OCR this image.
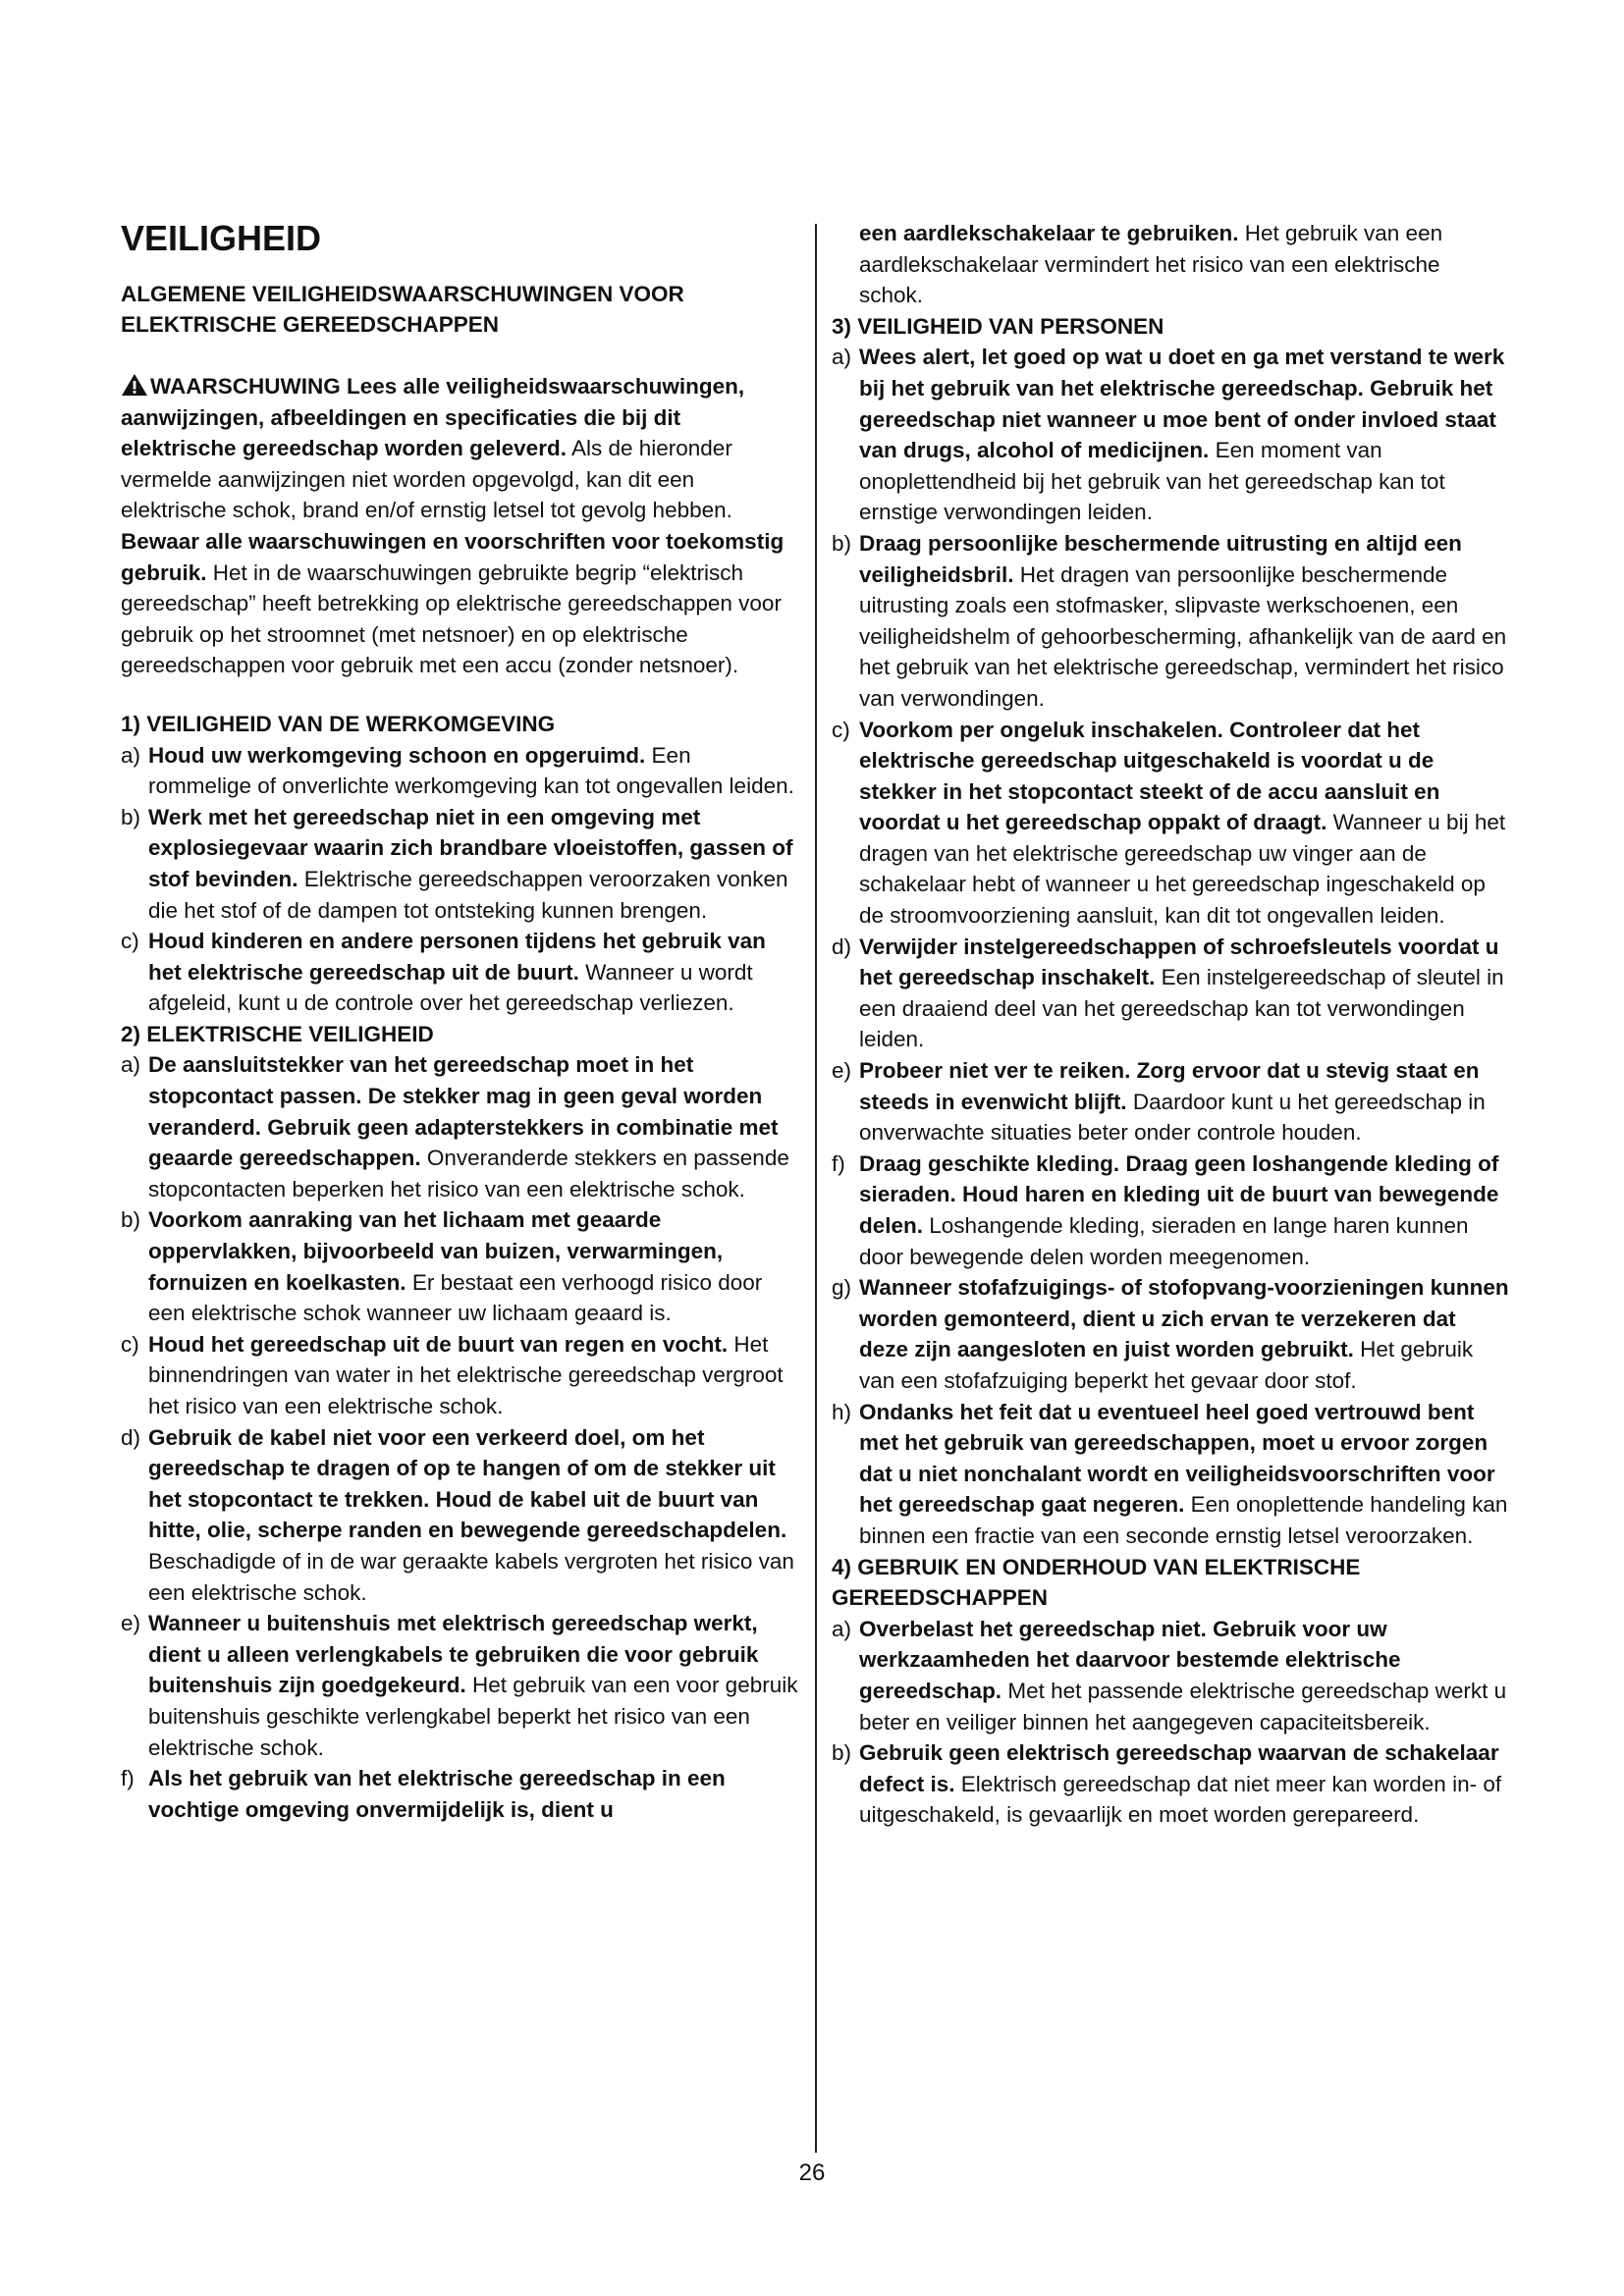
VEILIGHEID
ALGEMENE VEILIGHEIDSWAARSCHUWINGEN VOOR ELEKTRISCHE GEREEDSCHAPPEN
WAARSCHUWING Lees alle veiligheidswaarschuwingen, aanwijzingen, afbeeldingen en specificaties die bij dit elektrische gereedschap worden geleverd. Als de hieronder vermelde aanwijzingen niet worden opgevolgd, kan dit een elektrische schok, brand en/of ernstig letsel tot gevolg hebben. Bewaar alle waarschuwingen en voorschriften voor toekomstig gebruik. Het in de waarschuwingen gebruikte begrip “elektrisch gereedschap” heeft betrekking op elektrische gereedschappen voor gebruik op het stroomnet (met netsnoer) en op elektrische gereedschappen voor gebruik met een accu (zonder netsnoer).
1) VEILIGHEID VAN DE WERKOMGEVING
a) Houd uw werkomgeving schoon en opgeruimd. Een rommelige of onverlichte werkomgeving kan tot ongevallen leiden.
b) Werk met het gereedschap niet in een omgeving met explosiegevaar waarin zich brandbare vloeistoffen, gassen of stof bevinden. Elektrische gereedschappen veroorzaken vonken die het stof of de dampen tot ontsteking kunnen brengen.
c) Houd kinderen en andere personen tijdens het gebruik van het elektrische gereedschap uit de buurt. Wanneer u wordt afgeleid, kunt u de controle over het gereedschap verliezen.
2) ELEKTRISCHE VEILIGHEID
a) De aansluitstekker van het gereedschap moet in het stopcontact passen. De stekker mag in geen geval worden veranderd. Gebruik geen adapterstekkers in combinatie met geaarde gereedschappen. Onveranderde stekkers en passende stopcontacten beperken het risico van een elektrische schok.
b) Voorkom aanraking van het lichaam met geaarde oppervlakken, bijvoorbeeld van buizen, verwarmingen, fornuizen en koelkasten. Er bestaat een verhoogd risico door een elektrische schok wanneer uw lichaam geaard is.
c) Houd het gereedschap uit de buurt van regen en vocht. Het binnendringen van water in het elektrische gereedschap vergroot het risico van een elektrische schok.
d) Gebruik de kabel niet voor een verkeerd doel, om het gereedschap te dragen of op te hangen of om de stekker uit het stopcontact te trekken. Houd de kabel uit de buurt van hitte, olie, scherpe randen en bewegende gereedschapdelen. Beschadigde of in de war geraakte kabels vergroten het risico van een elektrische schok.
e) Wanneer u buitenshuis met elektrisch gereedschap werkt, dient u alleen verlengkabels te gebruiken die voor gebruik buitenshuis zijn goedgekeurd. Het gebruik van een voor gebruik buitenshuis geschikte verlengkabel beperkt het risico van een elektrische schok.
f) Als het gebruik van het elektrische gereedschap in een vochtige omgeving onvermijdelijk is, dient u
een aardlekschakelaar te gebruiken. Het gebruik van een aardlekschakelaar vermindert het risico van een elektrische schok.
3) VEILIGHEID VAN PERSONEN
a) Wees alert, let goed op wat u doet en ga met verstand te werk bij het gebruik van het elektrische gereedschap. Gebruik het gereedschap niet wanneer u moe bent of onder invloed staat van drugs, alcohol of medicijnen. Een moment van onoplettendheid bij het gebruik van het gereedschap kan tot ernstige verwondingen leiden.
b) Draag persoonlijke beschermende uitrusting en altijd een veiligheidsbril. Het dragen van persoonlijke beschermende uitrusting zoals een stofmasker, slipvaste werkschoenen, een veiligheidshelm of gehoorbescherming, afhankelijk van de aard en het gebruik van het elektrische gereedschap, vermindert het risico van verwondingen.
c) Voorkom per ongeluk inschakelen. Controleer dat het elektrische gereedschap uitgeschakeld is voordat u de stekker in het stopcontact steekt of de accu aansluit en voordat u het gereedschap oppakt of draagt. Wanneer u bij het dragen van het elektrische gereedschap uw vinger aan de schakelaar hebt of wanneer u het gereedschap ingeschakeld op de stroomvoorziening aansluit, kan dit tot ongevallen leiden.
d) Verwijder instelgereedschappen of schroefsleutels voordat u het gereedschap inschakelt. Een instelgereedschap of sleutel in een draaiend deel van het gereedschap kan tot verwondingen leiden.
e) Probeer niet ver te reiken. Zorg ervoor dat u stevig staat en steeds in evenwicht blijft. Daardoor kunt u het gereedschap in onverwachte situaties beter onder controle houden.
f) Draag geschikte kleding. Draag geen loshangende kleding of sieraden. Houd haren en kleding uit de buurt van bewegende delen. Loshangende kleding, sieraden en lange haren kunnen door bewegende delen worden meegenomen.
g) Wanneer stofafzuigings- of stofopvang-voorzieningen kunnen worden gemonteerd, dient u zich ervan te verzekeren dat deze zijn aangesloten en juist worden gebruikt. Het gebruik van een stofafzuiging beperkt het gevaar door stof.
h) Ondanks het feit dat u eventueel heel goed vertrouwd bent met het gebruik van gereedschappen, moet u ervoor zorgen dat u niet nonchalant wordt en veiligheidsvoorschriften voor het gereedschap gaat negeren. Een onoplettende handeling kan binnen een fractie van een seconde ernstig letsel veroorzaken.
4) GEBRUIK EN ONDERHOUD VAN ELEKTRISCHE GEREEDSCHAPPEN
a) Overbelast het gereedschap niet. Gebruik voor uw werkzaamheden het daarvoor bestemde elektrische gereedschap. Met het passende elektrische gereedschap werkt u beter en veiliger binnen het aangegeven capaciteitsbereik.
b) Gebruik geen elektrisch gereedschap waarvan de schakelaar defect is. Elektrisch gereedschap dat niet meer kan worden in- of uitgeschakeld, is gevaarlijk en moet worden gerepareerd.
26
